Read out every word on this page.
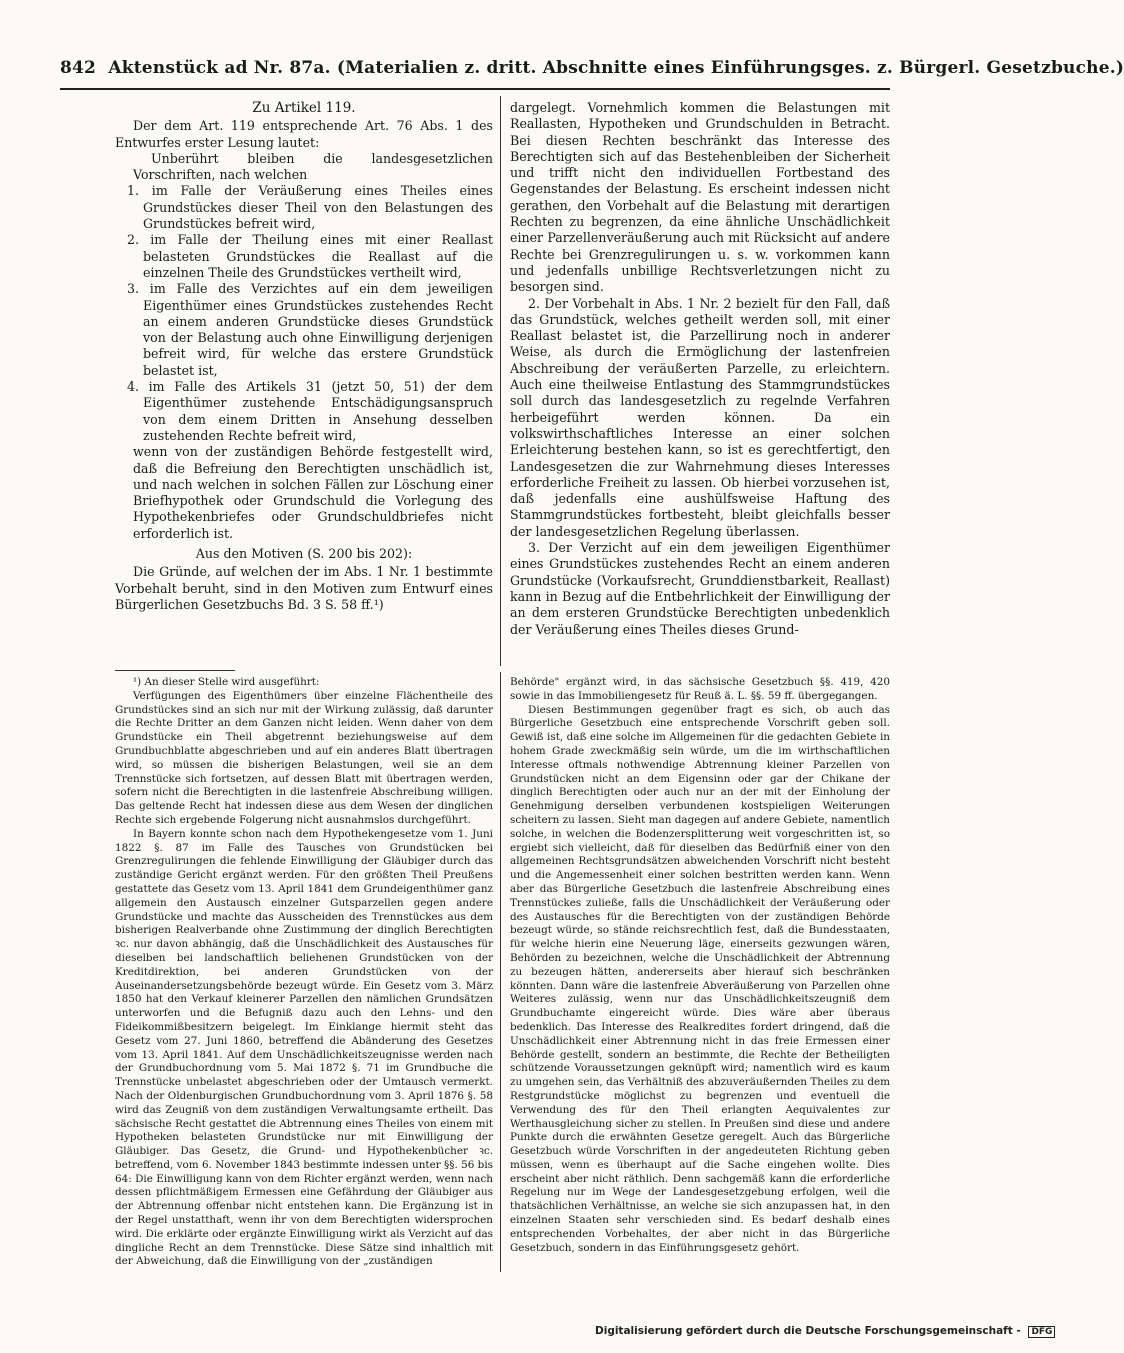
842 Aktenstück ad Nr. 87a. (Materialien z. dritt. Abschnitte eines Einführungsges. z. Bürgerl. Gesetzbuche.)

Zu Artikel 119.

Der dem Art. 119 entsprechende Art. 76 Abs. 1 des Entwurfes erster Lesung lautet:

Unberührt bleiben die landesgesetzlichen Vorschriften, nach welchen

1. im Falle der Veräußerung eines Theiles eines Grundstückes dieser Theil von den Belastungen des Grundstückes befreit wird,

2. im Falle der Theilung eines mit einer Reallast belasteten Grundstückes die Reallast auf die einzelnen Theile des Grundstückes vertheilt wird,

3. im Falle des Verzichtes auf ein dem jeweiligen Eigenthümer eines Grundstückes zustehendes Recht an einem anderen Grundstücke dieses Grundstück von der Belastung auch ohne Einwilligung derjenigen befreit wird, für welche das erstere Grundstück belastet ist,

4. im Falle des Artikels 31 (jetzt 50, 51) der dem Eigenthümer zustehende Entschädigungsanspruch von dem einem Dritten in Ansehung desselben zustehenden Rechte befreit wird,

wenn von der zuständigen Behörde festgestellt wird, daß die Befreiung den Berechtigten unschädlich ist, und nach welchen in solchen Fällen zur Löschung einer Briefhypothek oder Grundschuld die Vorlegung des Hypothekenbriefes oder Grundschuldbriefes nicht erforderlich ist.

Aus den Motiven (S. 200 bis 202):

Die Gründe, auf welchen der im Abs. 1 Nr. 1 bestimmte Vorbehalt beruht, sind in den Motiven zum Entwurf eines Bürgerlichen Gesetzbuchs Bd. 3 S. 58 ff.¹)

dargelegt. Vornehmlich kommen die Belastungen mit Reallasten, Hypotheken und Grundschulden in Betracht. Bei diesen Rechten beschränkt das Interesse des Berechtigten sich auf das Bestehenbleiben der Sicherheit und trifft nicht den individuellen Fortbestand des Gegenstandes der Belastung. Es erscheint indessen nicht gerathen, den Vorbehalt auf die Belastung mit derartigen Rechten zu begrenzen, da eine ähnliche Unschädlichkeit einer Parzellenveräußerung auch mit Rücksicht auf andere Rechte bei Grenzregulirungen u. s. w. vorkommen kann und jedenfalls unbillige Rechtsverletzungen nicht zu besorgen sind.

2. Der Vorbehalt in Abs. 1 Nr. 2 bezielt für den Fall, daß das Grundstück, welches getheilt werden soll, mit einer Reallast belastet ist, die Parzellirung noch in anderer Weise, als durch die Ermöglichung der lastenfreien Abschreibung der veräußerten Parzelle, zu erleichtern. Auch eine theilweise Entlastung des Stammgrundstückes soll durch das landesgesetzlich zu regelnde Verfahren herbeigeführt werden können. Da ein volkswirthschaftliches Interesse an einer solchen Erleichterung bestehen kann, so ist es gerechtfertigt, den Landesgesetzen die zur Wahrnehmung dieses Interesses erforderliche Freiheit zu lassen. Ob hierbei vorzusehen ist, daß jedenfalls eine aushülfsweise Haftung des Stammgrundstückes fortbesteht, bleibt gleichfalls besser der landesgesetzlichen Regelung überlassen.

3. Der Verzicht auf ein dem jeweiligen Eigenthümer eines Grundstückes zustehendes Recht an einem anderen Grundstücke (Vorkaufsrecht, Grunddienstbarkeit, Reallast) kann in Bezug auf die Entbehrlichkeit der Einwilligung der an dem ersteren Grundstücke Berechtigten unbedenklich der Veräußerung eines Theiles dieses Grund-

¹) An dieser Stelle wird ausgeführt:

Verfügungen des Eigenthümers über einzelne Flächentheile des Grundstückes sind an sich nur mit der Wirkung zulässig, daß darunter die Rechte Dritter an dem Ganzen nicht leiden. Wenn daher von dem Grundstücke ein Theil abgetrennt beziehungsweise auf dem Grundbuchblatte abgeschrieben und auf ein anderes Blatt übertragen wird, so müssen die bisherigen Belastungen, weil sie an dem Trennstücke sich fortsetzen, auf dessen Blatt mit übertragen werden, sofern nicht die Berechtigten in die lastenfreie Abschreibung willigen. Das geltende Recht hat indessen diese aus dem Wesen der dinglichen Rechte sich ergebende Folgerung nicht ausnahmslos durchgeführt.

In Bayern konnte schon nach dem Hypothekengesetze vom 1. Juni 1822 §. 87 im Falle des Tausches von Grundstücken bei Grenzregulirungen die fehlende Einwilligung der Gläubiger durch das zuständige Gericht ergänzt werden. Für den größten Theil Preußens gestattete das Gesetz vom 13. April 1841 dem Grundeigenthümer ganz allgemein den Austausch einzelner Gutsparzellen gegen andere Grundstücke und machte das Ausscheiden des Trennstückes aus dem bisherigen Realverbande ohne Zustimmung der dinglich Berechtigten ꝛc. nur davon abhängig, daß die Unschädlichkeit des Austausches für dieselben bei landschaftlich beliehenen Grundstücken von der Kreditdirektion, bei anderen Grundstücken von der Auseinandersetzungsbehörde bezeugt würde. Ein Gesetz vom 3. März 1850 hat den Verkauf kleinerer Parzellen den nämlichen Grundsätzen unterworfen und die Befugniß dazu auch den Lehns- und den Fideikommißbesitzern beigelegt. Im Einklange hiermit steht das Gesetz vom 27. Juni 1860, betreffend die Abänderung des Gesetzes vom 13. April 1841. Auf dem Unschädlichkeitszeugnisse werden nach der Grundbuchordnung vom 5. Mai 1872 §. 71 im Grundbuche die Trennstücke unbelastet abgeschrieben oder der Umtausch vermerkt. Nach der Oldenburgischen Grundbuchordnung vom 3. April 1876 §. 58 wird das Zeugniß von dem zuständigen Verwaltungsamte ertheilt. Das sächsische Recht gestattet die Abtrennung eines Theiles von einem mit Hypotheken belasteten Grundstücke nur mit Einwilligung der Gläubiger. Das Gesetz, die Grund- und Hypothekenbücher ꝛc. betreffend, vom 6. November 1843 bestimmte indessen unter §§. 56 bis 64: Die Einwilligung kann von dem Richter ergänzt werden, wenn nach dessen pflichtmäßigem Ermessen eine Gefährdung der Gläubiger aus der Abtrennung offenbar nicht entstehen kann. Die Ergänzung ist in der Regel unstatthaft, wenn ihr von dem Berechtigten widersprochen wird. Die erklärte oder ergänzte Einwilligung wirkt als Verzicht auf das dingliche Recht an dem Trennstücke. Diese Sätze sind inhaltlich mit der Abweichung, daß die Einwilligung von der „zuständigen

Behörde" ergänzt wird, in das sächsische Gesetzbuch §§. 419, 420 sowie in das Immobiliengesetz für Reuß ä. L. §§. 59 ff. übergegangen.

Diesen Bestimmungen gegenüber fragt es sich, ob auch das Bürgerliche Gesetzbuch eine entsprechende Vorschrift geben soll. Gewiß ist, daß eine solche im Allgemeinen für die gedachten Gebiete in hohem Grade zweckmäßig sein würde, um die im wirthschaftlichen Interesse oftmals nothwendige Abtrennung kleiner Parzellen von Grundstücken nicht an dem Eigensinn oder gar der Chikane der dinglich Berechtigten oder auch nur an der mit der Einholung der Genehmigung derselben verbundenen kostspieligen Weiterungen scheitern zu lassen. Sieht man dagegen auf andere Gebiete, namentlich solche, in welchen die Bodenzersplitterung weit vorgeschritten ist, so ergiebt sich vielleicht, daß für dieselben das Bedürfniß einer von den allgemeinen Rechtsgrundsätzen abweichenden Vorschrift nicht besteht und die Angemessenheit einer solchen bestritten werden kann. Wenn aber das Bürgerliche Gesetzbuch die lastenfreie Abschreibung eines Trennstückes zuließe, falls die Unschädlichkeit der Veräußerung oder des Austausches für die Berechtigten von der zuständigen Behörde bezeugt würde, so stände reichsrechtlich fest, daß die Bundesstaaten, für welche hierin eine Neuerung läge, einerseits gezwungen wären, Behörden zu bezeichnen, welche die Unschädlichkeit der Abtrennung zu bezeugen hätten, andererseits aber hierauf sich beschränken könnten. Dann wäre die lastenfreie Abveräußerung von Parzellen ohne Weiteres zulässig, wenn nur das Unschädlichkeitszeugniß dem Grundbuchamte eingereicht würde. Dies wäre aber überaus bedenklich. Das Interesse des Realkredites fordert dringend, daß die Unschädlichkeit einer Abtrennung nicht in das freie Ermessen einer Behörde gestellt, sondern an bestimmte, die Rechte der Betheiligten schützende Voraussetzungen geknüpft wird; namentlich wird es kaum zu umgehen sein, das Verhältniß des abzuveräußernden Theiles zu dem Restgrundstücke möglichst zu begrenzen und eventuell die Verwendung des für den Theil erlangten Aequivalentes zur Werthausgleichung sicher zu stellen. In Preußen sind diese und andere Punkte durch die erwähnten Gesetze geregelt. Auch das Bürgerliche Gesetzbuch würde Vorschriften in der angedeuteten Richtung geben müssen, wenn es überhaupt auf die Sache eingehen wollte. Dies erscheint aber nicht räthlich. Denn sachgemäß kann die erforderliche Regelung nur im Wege der Landesgesetzgebung erfolgen, weil die thatsächlichen Verhältnisse, an welche sie sich anzupassen hat, in den einzelnen Staaten sehr verschieden sind. Es bedarf deshalb eines entsprechenden Vorbehaltes, der aber nicht in das Bürgerliche Gesetzbuch, sondern in das Einführungsgesetz gehört.

Digitalisierung gefördert durch die Deutsche Forschungsgemeinschaft - DFG
